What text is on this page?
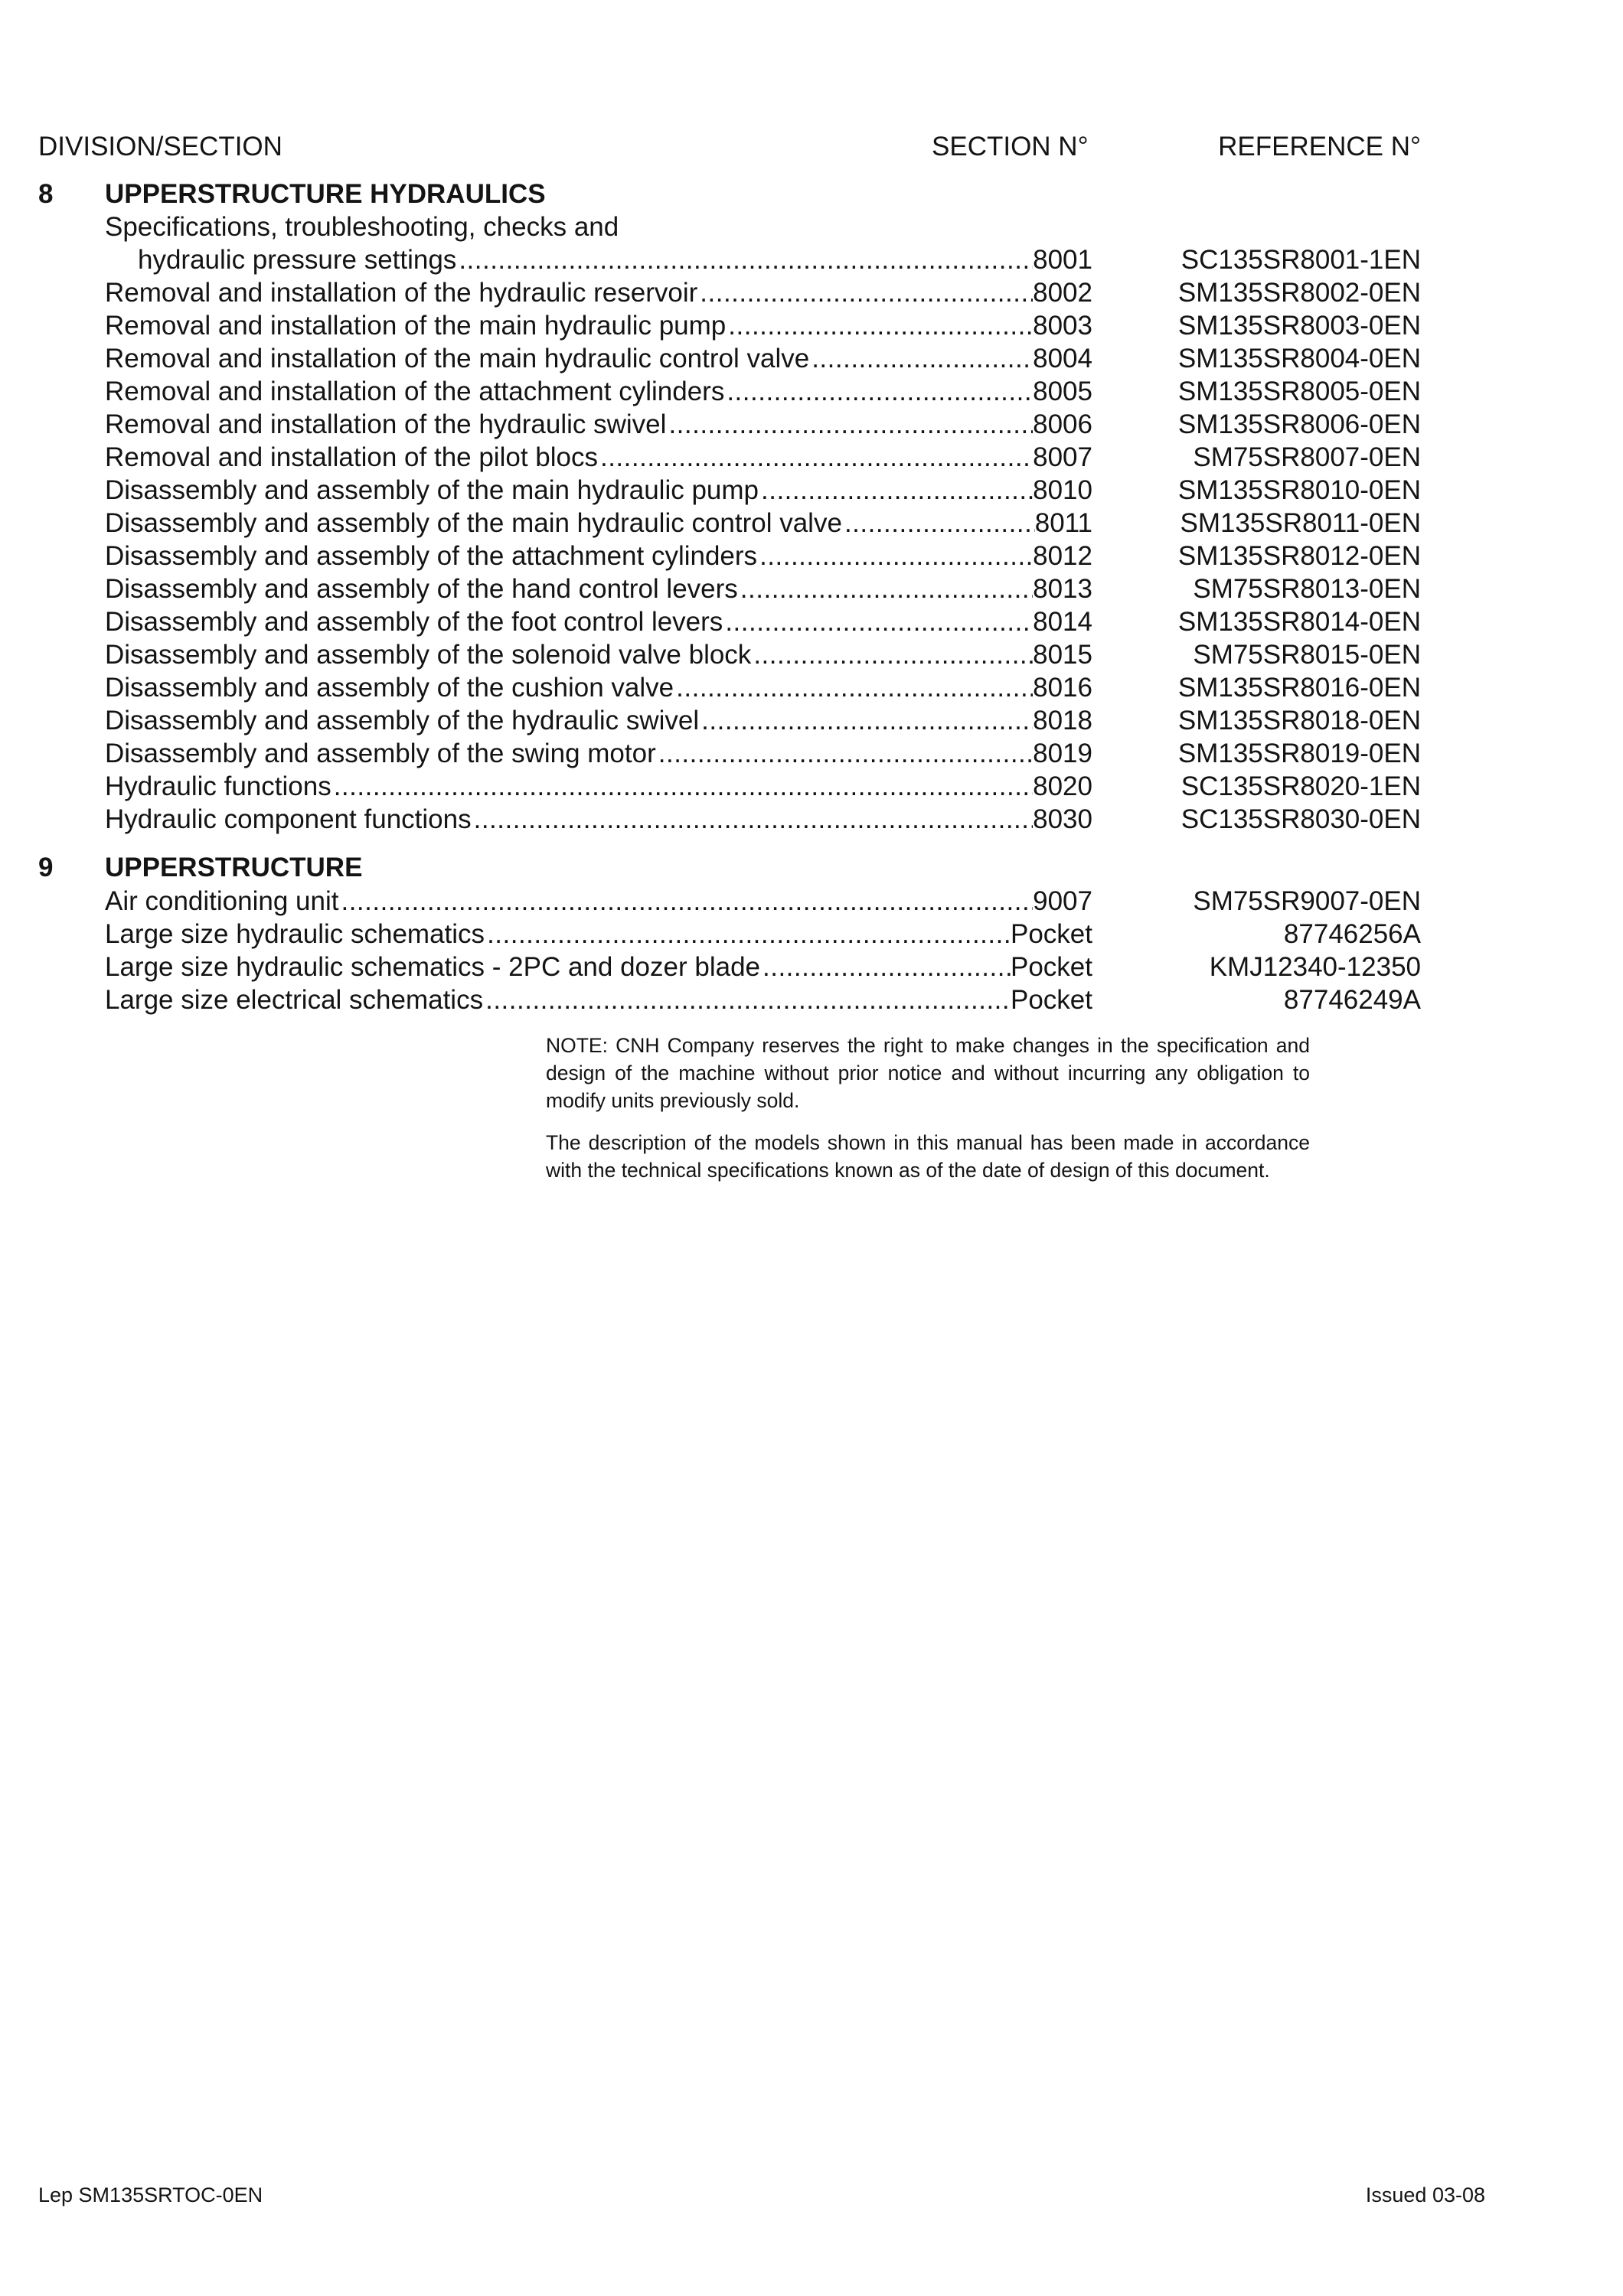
DIVISION/SECTION	SECTION N°	REFERENCE N°
8 UPPERSTRUCTURE HYDRAULICS
Specifications, troubleshooting, checks and
hydraulic pressure settings .....	8001	SC135SR8001-1EN
Removal and installation of the hydraulic reservoir .....	8002	SM135SR8002-0EN
Removal and installation of the main hydraulic pump .....	8003	SM135SR8003-0EN
Removal and installation of the main hydraulic control valve .....	8004	SM135SR8004-0EN
Removal and installation of the attachment cylinders .....	8005	SM135SR8005-0EN
Removal and installation of the hydraulic swivel .....	8006	SM135SR8006-0EN
Removal and installation of the pilot blocs .....	8007	SM75SR8007-0EN
Disassembly and assembly of the main hydraulic pump .....	8010	SM135SR8010-0EN
Disassembly and assembly of the main hydraulic control valve .....	8011	SM135SR8011-0EN
Disassembly and assembly of the attachment cylinders .....	8012	SM135SR8012-0EN
Disassembly and assembly of the hand control levers .....	8013	SM75SR8013-0EN
Disassembly and assembly of the foot control levers .....	8014	SM135SR8014-0EN
Disassembly and assembly of the solenoid valve block .....	8015	SM75SR8015-0EN
Disassembly and assembly of the cushion valve .....	8016	SM135SR8016-0EN
Disassembly and assembly of the hydraulic swivel .....	8018	SM135SR8018-0EN
Disassembly and assembly of the swing motor .....	8019	SM135SR8019-0EN
Hydraulic functions .....	8020	SC135SR8020-1EN
Hydraulic component functions .....	8030	SC135SR8030-0EN
9 UPPERSTRUCTURE
Air conditioning unit .....	9007	SM75SR9007-0EN
Large size hydraulic schematics .....	Pocket	87746256A
Large size hydraulic schematics - 2PC and dozer blade .....	Pocket	KMJ12340-12350
Large size electrical schematics .....	Pocket	87746249A

NOTE: CNH Company reserves the right to make changes in the specification and design of the machine without prior notice and without incurring any obligation to modify units previously sold.

The description of the models shown in this manual has been made in accordance with the technical specifications known as of the date of design of this document.

Lep SM135SRTOC-0EN	Issued 03-08
